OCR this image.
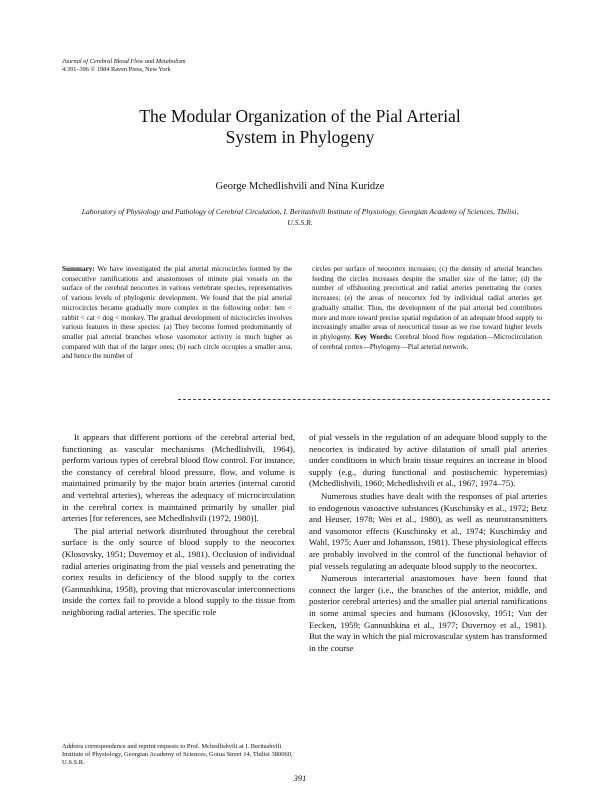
Journal of Cerebral Blood Flow and Metabolism
4:391–396 © 1984 Raven Press, New York
The Modular Organization of the Pial Arterial
System in Phylogeny
George Mchedlishvili and Nina Kuridze
Laboratory of Physiology and Pathology of Cerebral Circulation, I. Beritashvili Institute of Physiology, Georgian Academy of Sciences, Tbilisi, U.S.S.R.
Summary: We have investigated the pial arterial microcircles formed by the consecutive ramifications and anastomoses of minute pial vessels on the surface of the cerebral neocortex in various vertebrate species, representatives of various levels of phylogenic development. We found that the pial arterial microcircles became gradually more complex in the following order: hen < rabbit < cat < dog < monkey. The gradual development of microcircles involves various features in these species: (a) They become formed predominantly of smaller pial arterial branches whose vasomotor activity is much higher as compared with that of the larger ones; (b) each circle occupies a smaller area, and hence the number of
circles per surface of neocortex increases; (c) the density of arterial branches feeding the circles increases despite the smaller size of the latter; (d) the number of offshooting precortical and radial arteries penetrating the cortex increases; (e) the areas of neocortex fed by individual radial arteries get gradually smaller. Thus, the development of the pial arterial bed contributes more and more toward precise spatial regulation of an adequate blood supply to increasingly smaller areas of neocortical tissue as we rise toward higher levels in phylogeny. Key Words: Cerebral blood flow regulation—Microcirculation of cerebral cortex—Phylogeny—Pial arterial network.

It appears that different portions of the cerebral arterial bed, functioning as vascular mechanisms (Mchedlishvili, 1964), perform various types of cerebral blood flow control. For instance, the constancy of cerebral blood pressure, flow, and volume is maintained primarily by the major brain arteries (internal carotid and vertebral arteries), whereas the adequacy of microcirculation in the cerebral cortex is maintained primarily by smaller pial arteries [for references, see Mchedlishvili (1972, 1980)].

The pial arterial network distributed throughout the cerebral surface is the only source of blood supply to the neocortex (Klosovsky, 1951; Duvernoy et al., 1981). Occlusion of individual radial arteries originating from the pial vessels and penetrating the cortex results in deficiency of the blood supply to the cortex (Gannushkina, 1958), proving that microvascular interconnections inside the cortex fail to provide a blood supply to the tissue from neighboring radial arteries. The specific role

of pial vessels in the regulation of an adequate blood supply to the neocortex is indicated by active dilatation of small pial arteries under conditions in which brain tissue requires an increase in blood supply (e.g., during functional and postischemic hyperemias) (Mchedlishvili, 1960; Mchedlishvili et al., 1967, 1974–75).

Numerous studies have dealt with the responses of pial arteries to endogenous vasoactive substances (Kuschinsky et al., 1972; Betz and Heuser, 1978; Wei et al., 1980), as well as neurotransmitters and vasomotor effects (Kuschinsky et al., 1974; Kuschinsky and Wahl, 1975; Auer and Johansson, 1981). These physiological effects are probably involved in the control of the functional behavior of pial vessels regulating an adequate blood supply to the neocortex.

Numerous interarterial anastomoses have been found that connect the larger (i.e., the branches of the anterior, middle, and posterior cerebral arteries) and the smaller pial arterial ramifications in some animal species and humans (Klosovsky, 1951; Van der Eecken, 1959; Gannushkina et al., 1977; Duvernoy et al., 1981). But the way in which the pial microvascular system has transformed in the course

Address correspondence and reprint requests to Prof. Mchedlishvili at I. Beritashvili Institute of Physiology, Georgian Academy of Sciences, Gotua Street 14, Tbilisi 380060, U.S.S.R.
391
